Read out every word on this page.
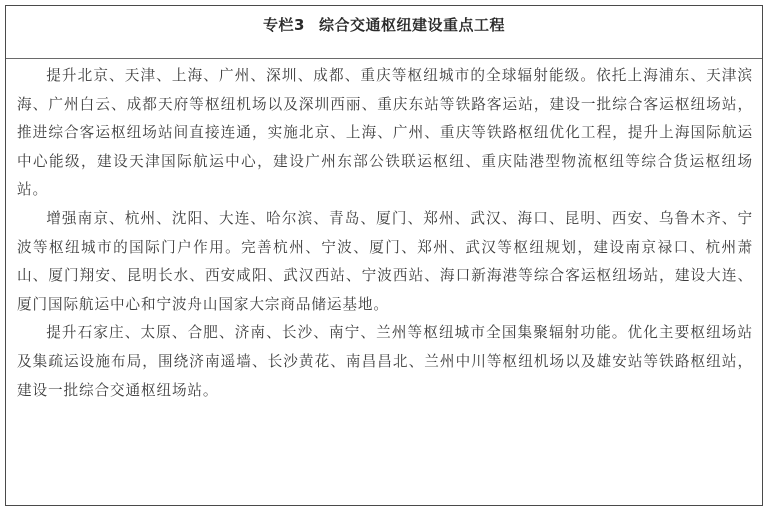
专栏3 综合交通枢纽建设重点工程

提升北京、天津、上海、广州、深圳、成都、重庆等枢纽城市的全球辐射能级。依托上海浦东、天津滨海、广州白云、成都天府等枢纽机场以及深圳西丽、重庆东站等铁路客运站，建设一批综合客运枢纽场站，推进综合客运枢纽场站间直接连通，实施北京、上海、广州、重庆等铁路枢纽优化工程，提升上海国际航运中心能级，建设天津国际航运中心，建设广州东部公铁联运枢纽、重庆陆港型物流枢纽等综合货运枢纽场站。

增强南京、杭州、沈阳、大连、哈尔滨、青岛、厦门、郑州、武汉、海口、昆明、西安、乌鲁木齐、宁波等枢纽城市的国际门户作用。完善杭州、宁波、厦门、郑州、武汉等枢纽规划，建设南京禄口、杭州萧山、厦门翔安、昆明长水、西安咸阳、武汉西站、宁波西站、海口新海港等综合客运枢纽场站，建设大连、厦门国际航运中心和宁波舟山国家大宗商品储运基地。

提升石家庄、太原、合肥、济南、长沙、南宁、兰州等枢纽城市全国集聚辐射功能。优化主要枢纽场站及集疏运设施布局，围绕济南遥墙、长沙黄花、南昌昌北、兰州中川等枢纽机场以及雄安站等铁路枢纽站，建设一批综合交通枢纽场站。
